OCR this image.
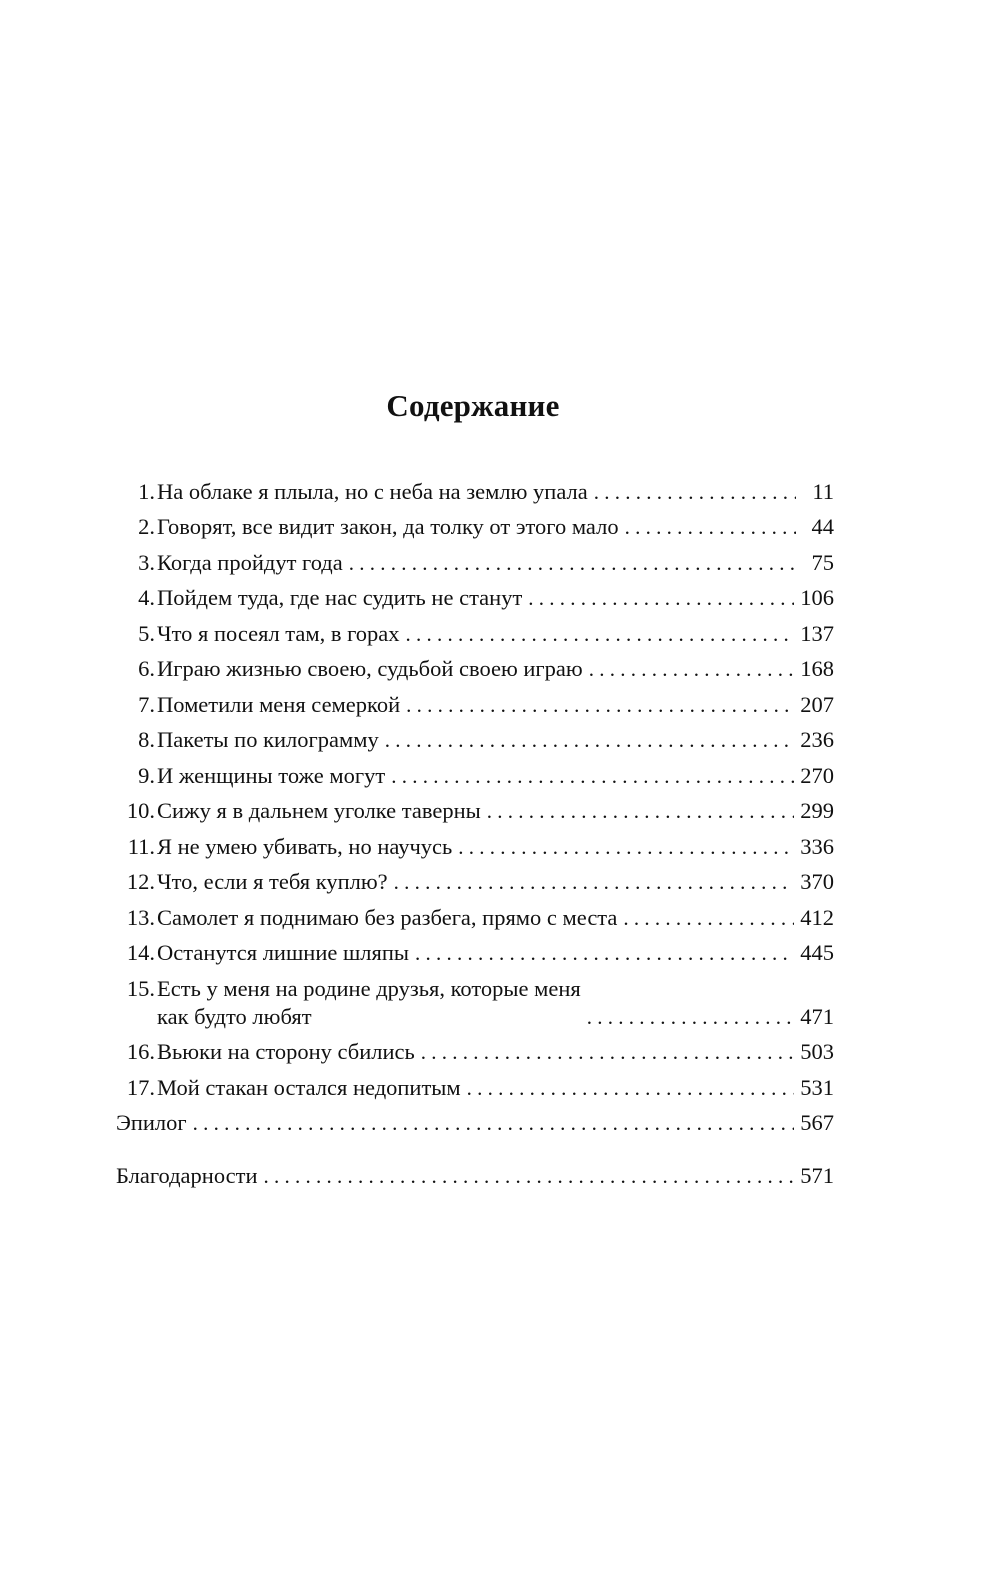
Содержание
1. На облаке я плыла, но с неба на землю упала . . .	11
2. Говорят, все видит закон, да толку от этого мало . . .	44
3. Когда пройдут года . . .	75
4. Пойдем туда, где нас судить не станут . . .	106
5. Что я посеял там, в горах . . .	137
6. Играю жизнью своею, судьбой своею играю . . .	168
7. Пометили меня семеркой . . .	207
8. Пакеты по килограмму . . .	236
9. И женщины тоже могут . . .	270
10. Сижу я в дальнем уголке таверны . . .	299
11. Я не умею убивать, но научусь . . .	336
12. Что, если я тебя куплю? . . .	370
13. Самолет я поднимаю без разбега, прямо с места . . .	412
14. Останутся лишние шляпы . . .	445
15. Есть у меня на родине друзья, которые меня
как будто любят . . .	471
16. Вьюки на сторону сбились . . .	503
17. Мой стакан остался недопитым . . .	531
Эпилог . . .	567
Благодарности . . .	571
